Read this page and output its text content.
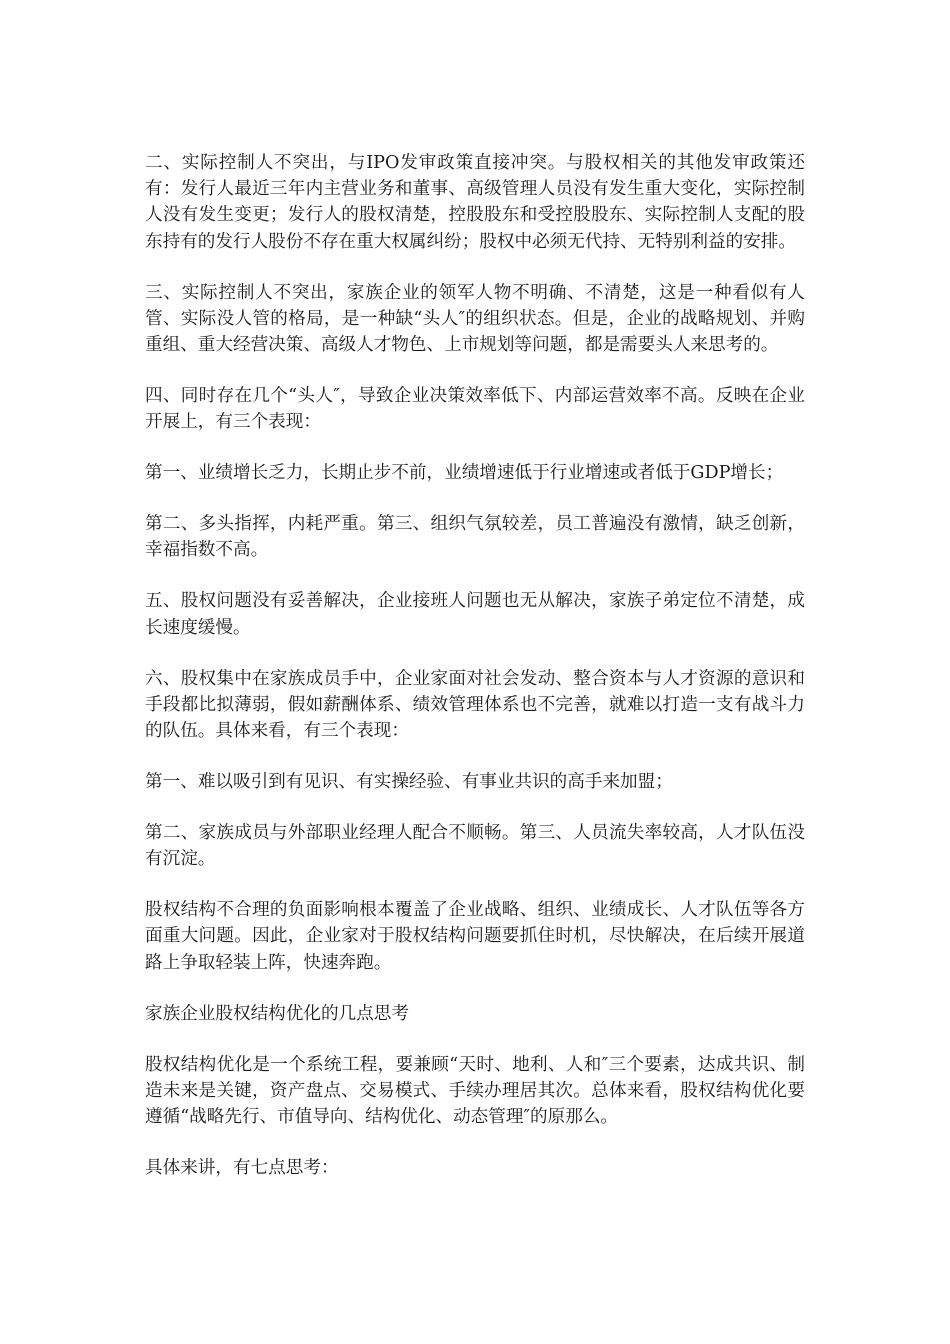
二、实际控制人不突出，与IPO发审政策直接冲突。与股权相关的其他发审政策还有：发行人最近三年内主营业务和董事、高级管理人员没有发生重大变化，实际控制人没有发生变更；发行人的股权清楚，控股股东和受控股股东、实际控制人支配的股东持有的发行人股份不存在重大权属纠纷；股权中必须无代持、无特别利益的安排。

三、实际控制人不突出，家族企业的领军人物不明确、不清楚，这是一种看似有人管、实际没人管的格局，是一种缺“头人″的组织状态。但是，企业的战略规划、并购重组、重大经营决策、高级人才物色、上市规划等问题，都是需要头人来思考的。

四、同时存在几个“头人″，导致企业决策效率低下、内部运营效率不高。反映在企业开展上，有三个表现：

第一、业绩增长乏力，长期止步不前，业绩增速低于行业增速或者低于GDP增长；

第二、多头指挥，内耗严重。第三、组织气氛较差，员工普遍没有激情，缺乏创新，幸福指数不高。

五、股权问题没有妥善解决，企业接班人问题也无从解决，家族子弟定位不清楚，成长速度缓慢。

六、股权集中在家族成员手中，企业家面对社会发动、整合资本与人才资源的意识和手段都比拟薄弱，假如薪酬体系、绩效管理体系也不完善，就难以打造一支有战斗力的队伍。具体来看，有三个表现：

第一、难以吸引到有见识、有实操经验、有事业共识的高手来加盟；

第二、家族成员与外部职业经理人配合不顺畅。第三、人员流失率较高，人才队伍没有沉淀。

股权结构不合理的负面影响根本覆盖了企业战略、组织、业绩成长、人才队伍等各方面重大问题。因此，企业家对于股权结构问题要抓住时机，尽快解决，在后续开展道路上争取轻装上阵，快速奔跑。

家族企业股权结构优化的几点思考

股权结构优化是一个系统工程，要兼顾“天时、地利、人和″三个要素，达成共识、制造未来是关键，资产盘点、交易模式、手续办理居其次。总体来看，股权结构优化要遵循“战略先行、市值导向、结构优化、动态管理″的原那么。

具体来讲，有七点思考：
